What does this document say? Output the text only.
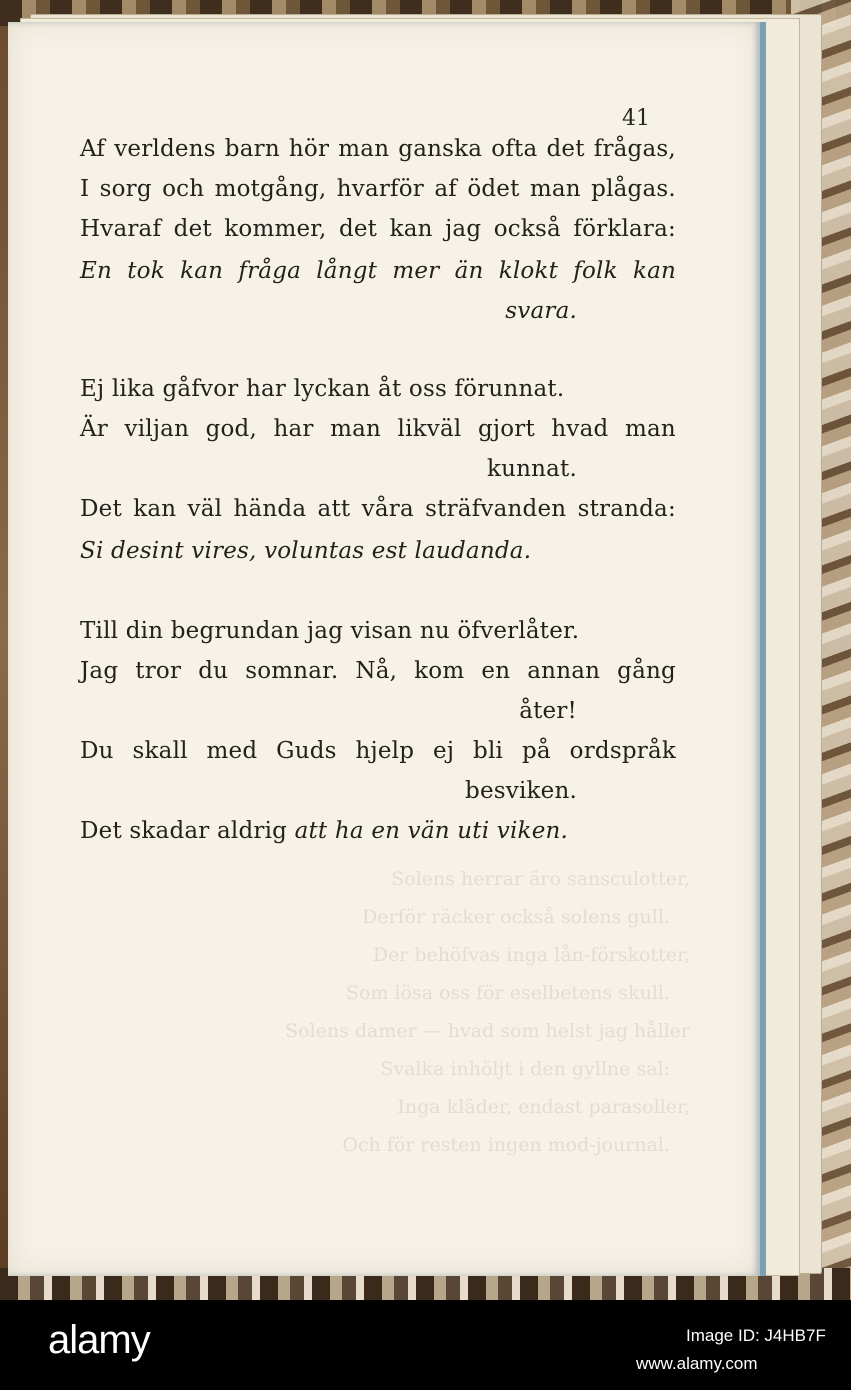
Solens herrar äro sansculotter,
Derför räcker också solens gull.
Der behöfvas inga lån-förskotter,
Som lösa oss för eselbetens skull.
Solens damer — hvad som helst jag håller
Svalka inhöljt i den gyllne sal:
Inga kläder, endast parasoller,
Och för resten ingen mod-journal.
41
Af verldens barn hör man ganska ofta det frågas,
I sorg och motgång, hvarför af ödet man plågas.
Hvaraf det kommer, det kan jag också förklara:
En tok kan fråga långt mer än klokt folk kan
svara.
Ej lika gåfvor har lyckan åt oss förunnat.
Är viljan god, har man likväl gjort hvad man
kunnat.
Det kan väl hända att våra sträfvanden stranda:
Si desint vires, voluntas est laudanda.
Till din begrundan jag visan nu öfverlåter.
Jag tror du somnar. Nå, kom en annan gång
åter!
Du skall med Guds hjelp ej bli på ordspråk
besviken.
Det skadar aldrig att ha en vän uti viken.
alamy	Image ID: J4HB7F
www.alamy.com
